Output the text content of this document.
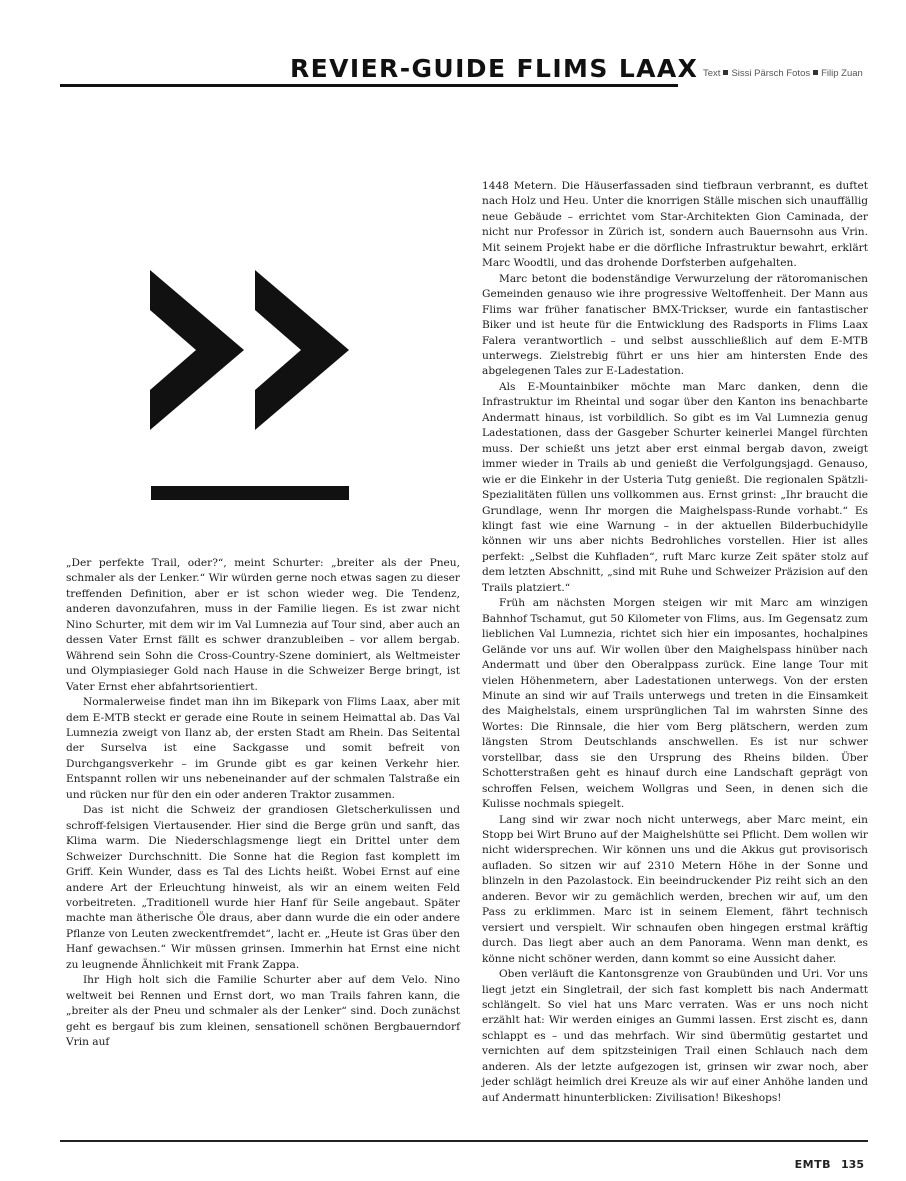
REVIER-GUIDE FLIMS LAAX Text Sissi Pärsch Fotos Filip Zuan

„Der perfekte Trail, oder?“, meint Schurter: „breiter als der Pneu, schmaler als der Lenker.“ Wir würden gerne noch etwas sagen zu dieser treffenden Definition, aber er ist schon wieder weg. Die Tendenz, anderen davonzufahren, muss in der Familie liegen. Es ist zwar nicht Nino Schurter, mit dem wir im Val Lumnezia auf Tour sind, aber auch an dessen Vater Ernst fällt es schwer dranzubleiben – vor allem bergab. Während sein Sohn die Cross-Country-Szene dominiert, als Weltmeister und Olympiasieger Gold nach Hause in die Schweizer Berge bringt, ist Vater Ernst eher abfahrtsorientiert.

Normalerweise findet man ihn im Bikepark von Flims Laax, aber mit dem E-MTB steckt er gerade eine Route in seinem Heimattal ab. Das Val Lumnezia zweigt von Ilanz ab, der ersten Stadt am Rhein. Das Seitental der Surselva ist eine Sackgasse und somit befreit von Durchgangsverkehr – im Grunde gibt es gar keinen Verkehr hier. Entspannt rollen wir uns nebeneinander auf der schmalen Talstraße ein und rücken nur für den ein oder anderen Traktor zusammen.

Das ist nicht die Schweiz der grandiosen Gletscherkulissen und schroff-felsigen Viertausender. Hier sind die Berge grün und sanft, das Klima warm. Die Niederschlagsmenge liegt ein Drittel unter dem Schweizer Durchschnitt. Die Sonne hat die Region fast komplett im Griff. Kein Wunder, dass es Tal des Lichts heißt. Wobei Ernst auf eine andere Art der Erleuchtung hinweist, als wir an einem weiten Feld vorbeitreten. „Traditionell wurde hier Hanf für Seile angebaut. Später machte man ätherische Öle draus, aber dann wurde die ein oder andere Pflanze von Leuten zweckentfremdet“, lacht er. „Heute ist Gras über den Hanf gewachsen.“ Wir müssen grinsen. Immerhin hat Ernst eine nicht zu leugnende Ähnlichkeit mit Frank Zappa.

Ihr High holt sich die Familie Schurter aber auf dem Velo. Nino weltweit bei Rennen und Ernst dort, wo man Trails fahren kann, die „breiter als der Pneu und schmaler als der Lenker“ sind. Doch zunächst geht es bergauf bis zum kleinen, sensationell schönen Bergbauerndorf Vrin auf

1448 Metern. Die Häuserfassaden sind tiefbraun verbrannt, es duftet nach Holz und Heu. Unter die knorrigen Ställe mischen sich unauffällig neue Gebäude – errichtet vom Star-Architekten Gion Caminada, der nicht nur Professor in Zürich ist, sondern auch Bauernsohn aus Vrin. Mit seinem Projekt habe er die dörfliche Infrastruktur bewahrt, erklärt Marc Woodtli, und das drohende Dorfsterben aufgehalten.

Marc betont die bodenständige Verwurzelung der rätoromanischen Gemeinden genauso wie ihre progressive Weltoffenheit. Der Mann aus Flims war früher fanatischer BMX-Trickser, wurde ein fantastischer Biker und ist heute für die Entwicklung des Radsports in Flims Laax Falera verantwortlich – und selbst ausschließlich auf dem E-MTB unterwegs. Zielstrebig führt er uns hier am hintersten Ende des abgelegenen Tales zur E-Ladestation.

Als E-Mountainbiker möchte man Marc danken, denn die Infrastruktur im Rheintal und sogar über den Kanton ins benachbarte Andermatt hinaus, ist vorbildlich. So gibt es im Val Lumnezia genug Ladestationen, dass der Gasgeber Schurter keinerlei Mangel fürchten muss. Der schießt uns jetzt aber erst einmal bergab davon, zweigt immer wieder in Trails ab und genießt die Verfolgungsjagd. Genauso, wie er die Einkehr in der Usteria Tutg genießt. Die regionalen Spätzli-Spezialitäten füllen uns vollkommen aus. Ernst grinst: „Ihr braucht die Grundlage, wenn Ihr morgen die Maighelspass-Runde vorhabt.“ Es klingt fast wie eine Warnung – in der aktuellen Bilderbuchidylle können wir uns aber nichts Bedrohliches vorstellen. Hier ist alles perfekt: „Selbst die Kuhfladen“, ruft Marc kurze Zeit später stolz auf dem letzten Abschnitt, „sind mit Ruhe und Schweizer Präzision auf den Trails platziert.“

Früh am nächsten Morgen steigen wir mit Marc am winzigen Bahnhof Tschamut, gut 50 Kilometer von Flims, aus. Im Gegensatz zum lieblichen Val Lumnezia, richtet sich hier ein imposantes, hochalpines Gelände vor uns auf. Wir wollen über den Maighelspass hinüber nach Andermatt und über den Oberalppass zurück. Eine lange Tour mit vielen Höhenmetern, aber Ladestationen unterwegs. Von der ersten Minute an sind wir auf Trails unterwegs und treten in die Einsamkeit des Maighelstals, einem ursprünglichen Tal im wahrsten Sinne des Wortes: Die Rinnsale, die hier vom Berg plätschern, werden zum längsten Strom Deutschlands anschwellen. Es ist nur schwer vorstellbar, dass sie den Ursprung des Rheins bilden. Über Schotterstraßen geht es hinauf durch eine Landschaft geprägt von schroffen Felsen, weichem Wollgras und Seen, in denen sich die Kulisse nochmals spiegelt.

Lang sind wir zwar noch nicht unterwegs, aber Marc meint, ein Stopp bei Wirt Bruno auf der Maighelshütte sei Pflicht. Dem wollen wir nicht widersprechen. Wir können uns und die Akkus gut provisorisch aufladen. So sitzen wir auf 2310 Metern Höhe in der Sonne und blinzeln in den Pazolastock. Ein beeindruckender Piz reiht sich an den anderen. Bevor wir zu gemächlich werden, brechen wir auf, um den Pass zu erklimmen. Marc ist in seinem Element, fährt technisch versiert und verspielt. Wir schnaufen oben hingegen erstmal kräftig durch. Das liegt aber auch an dem Panorama. Wenn man denkt, es könne nicht schöner werden, dann kommt so eine Aussicht daher.

Oben verläuft die Kantonsgrenze von Graubünden und Uri. Vor uns liegt jetzt ein Singletrail, der sich fast komplett bis nach Andermatt schlängelt. So viel hat uns Marc verraten. Was er uns noch nicht erzählt hat: Wir werden einiges an Gummi lassen. Erst zischt es, dann schlappt es – und das mehrfach. Wir sind übermütig gestartet und vernichten auf dem spitzsteinigen Trail einen Schlauch nach dem anderen. Als der letzte aufgezogen ist, grinsen wir zwar noch, aber jeder schlägt heimlich drei Kreuze als wir auf einer Anhöhe landen und auf Andermatt hinunterblicken: Zivilisation! Bikeshops!

EMTB 135
